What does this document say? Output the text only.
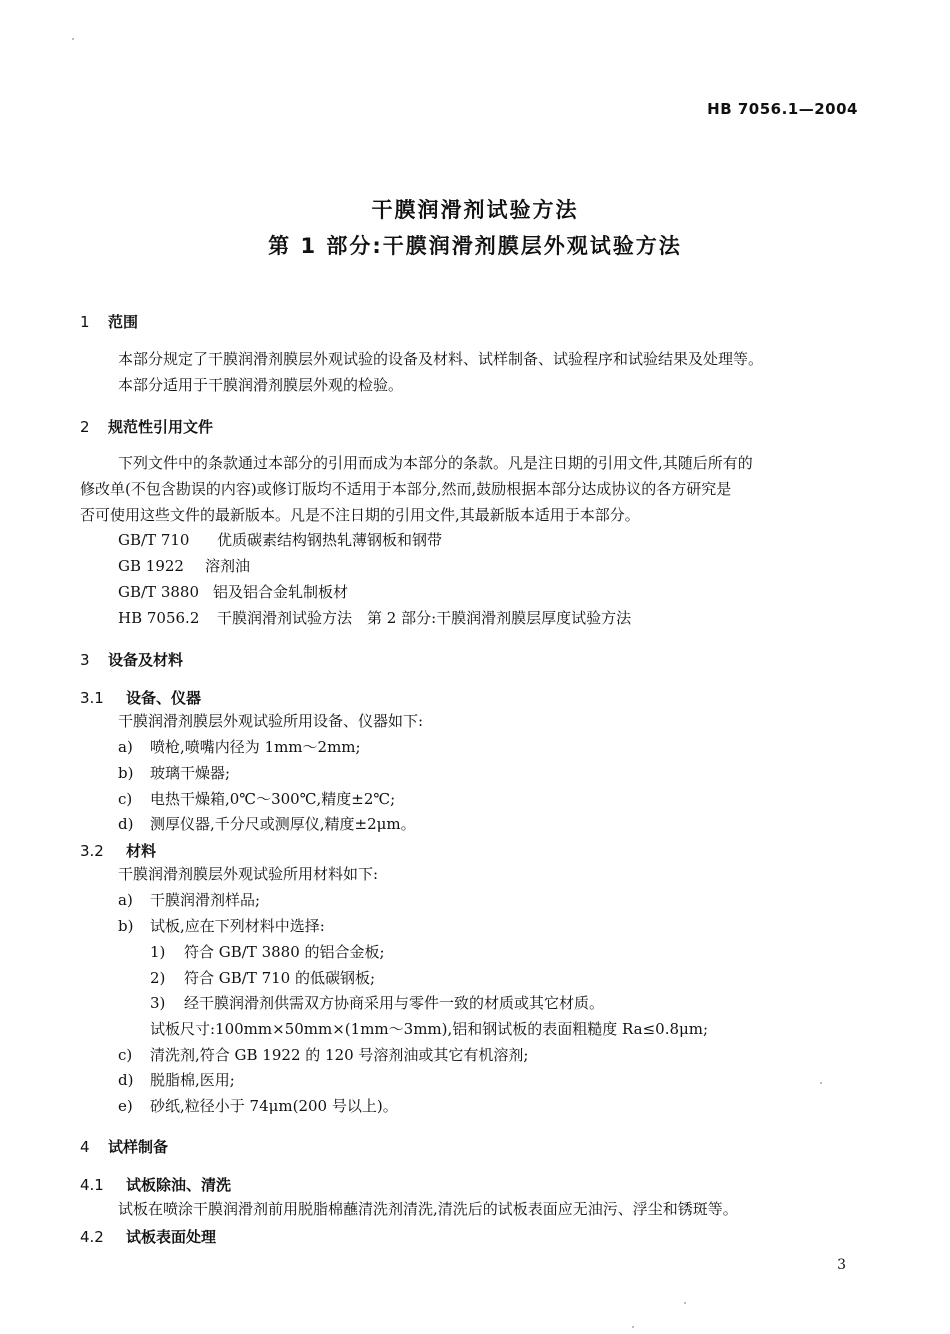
HB 7056.1—2004
干膜润滑剂试验方法
第 1 部分:干膜润滑剂膜层外观试验方法
1 范围
本部分规定了干膜润滑剂膜层外观试验的设备及材料、试样制备、试验程序和试验结果及处理等。
本部分适用于干膜润滑剂膜层外观的检验。
2 规范性引用文件
下列文件中的条款通过本部分的引用而成为本部分的条款。凡是注日期的引用文件,其随后所有的
修改单(不包含勘误的内容)或修订版均不适用于本部分,然而,鼓励根据本部分达成协议的各方研究是
否可使用这些文件的最新版本。凡是不注日期的引用文件,其最新版本适用于本部分。
GB/T 710 优质碳素结构钢热轧薄钢板和钢带
GB 1922 溶剂油
GB/T 3880 铝及铝合金轧制板材
HB 7056.2 干膜润滑剂试验方法　第 2 部分:干膜润滑剂膜层厚度试验方法
3 设备及材料
3.1 设备、仪器
干膜润滑剂膜层外观试验所用设备、仪器如下:
a) 喷枪,喷嘴内径为 1mm～2mm;
b) 玻璃干燥器;
c) 电热干燥箱,0℃～300℃,精度±2℃;
d) 测厚仪器,千分尺或测厚仪,精度±2μm。
3.2 材料
干膜润滑剂膜层外观试验所用材料如下:
a) 干膜润滑剂样品;
b) 试板,应在下列材料中选择:
1) 符合 GB/T 3880 的铝合金板;
2) 符合 GB/T 710 的低碳钢板;
3) 经干膜润滑剂供需双方协商采用与零件一致的材质或其它材质。
试板尺寸:100mm×50mm×(1mm～3mm),铝和钢试板的表面粗糙度 Ra≤0.8μm;
c) 清洗剂,符合 GB 1922 的 120 号溶剂油或其它有机溶剂;
d) 脱脂棉,医用;
e) 砂纸,粒径小于 74μm(200 号以上)。
4 试样制备
4.1 试板除油、清洗
试板在喷涂干膜润滑剂前用脱脂棉蘸清洗剂清洗,清洗后的试板表面应无油污、浮尘和锈斑等。
4.2 试板表面处理
3
